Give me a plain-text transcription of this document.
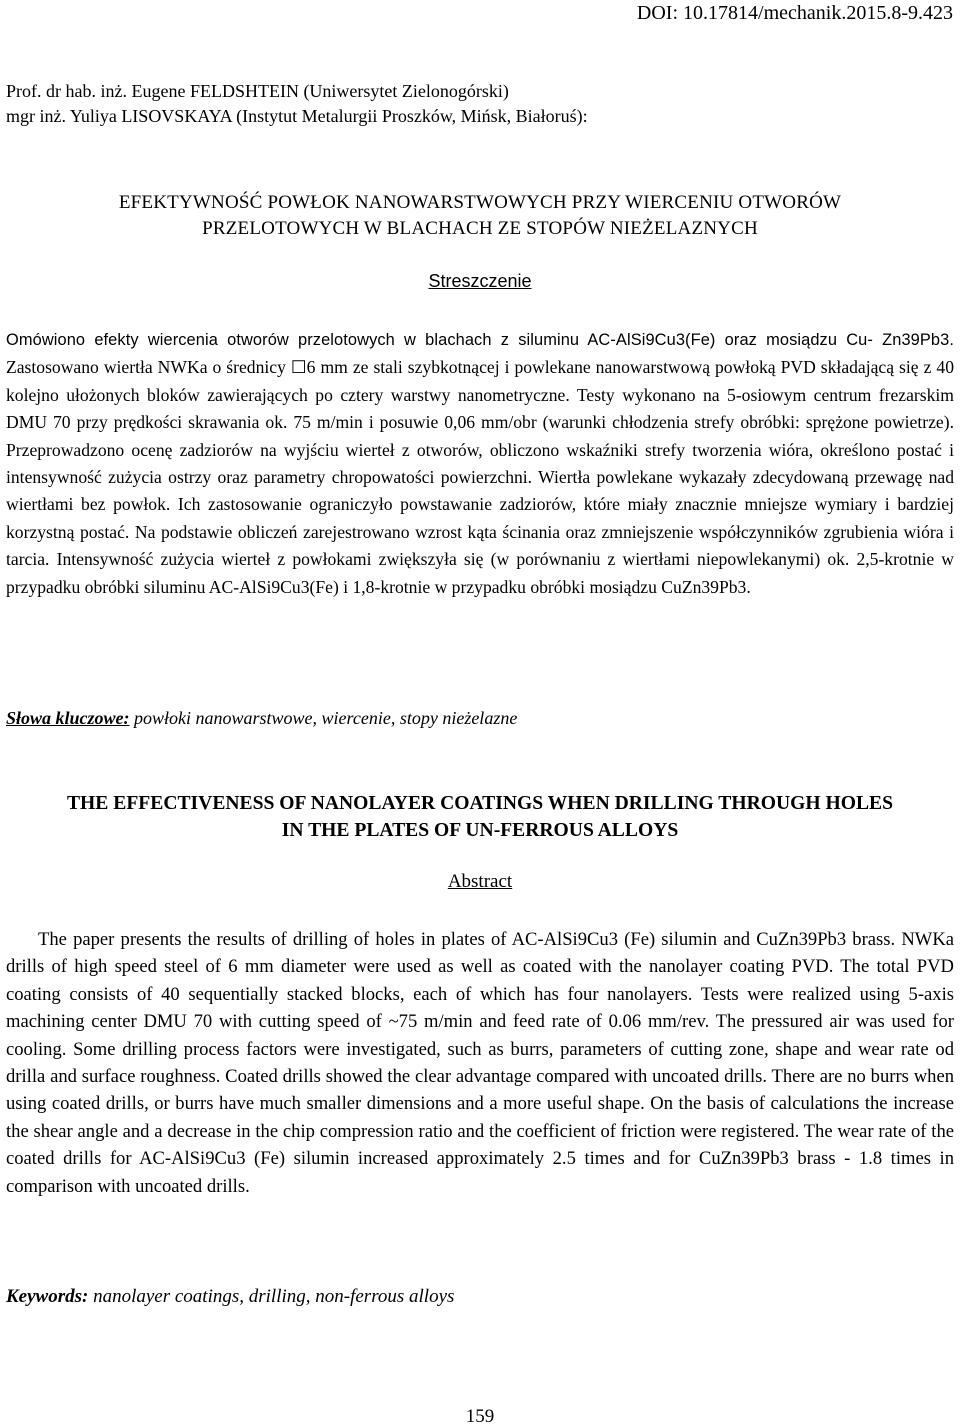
DOI: 10.17814/mechanik.2015.8-9.423
Prof. dr hab. inż. Eugene FELDSHTEIN (Uniwersytet Zielonogórski)
mgr inż. Yuliya LISOVSKAYA (Instytut Metalurgii Proszków, Mińsk, Białoruś):
EFEKTYWNOŚĆ POWŁOK NANOWARSTWOWYCH PRZY WIERCENIU OTWORÓW
PRZELOTOWYCH W BLACHACH ZE STOPÓW NIEŻELAZNYCH
Streszczenie
Omówiono efekty wiercenia otworów przelotowych w blachach z siluminu AC-AlSi9Cu3(Fe) oraz mosiądzu Cu- Zn39Pb3. Zastosowano wiertła NWKa o średnicy ☐​6 mm ze stali szybkotnącej i powlekane nanowarstwową powłoką PVD składającą się z 40 kolejno ułożonych bloków zawierających po cztery warstwy nanometryczne. Testy wykonano na 5-osiowym centrum frezarskim DMU 70 przy prędkości skrawania ok. 75 m/min i posuwie 0,06 mm/obr (warunki chłodzenia strefy obróbki: sprężone powietrze). Przeprowadzono ocenę zadziorów na wyjściu wierteł z otworów, obliczono wskaźniki strefy tworzenia wióra, określono postać i intensywność zużycia ostrzy oraz parametry chropowatości powierzchni. Wiertła powlekane wykazały zdecydowaną przewagę nad wiertłami bez powłok. Ich zastosowanie ograniczyło powstawanie zadziorów, które miały znacznie mniejsze wymiary i bardziej korzystną postać. Na podstawie obliczeń zarejestrowano wzrost kąta ścinania oraz zmniejszenie współczynników zgrubienia wióra i tarcia. Intensywność zużycia wierteł z powłokami zwiększyła się (w porównaniu z wiertłami niepowlekanymi) ok. 2,5-krotnie w przypadku obróbki siluminu AC-AlSi9Cu3(Fe) i 1,8-krotnie w przypadku obróbki mosiądzu CuZn39Pb3.
Słowa kluczowe: powłoki nanowarstwowe, wiercenie, stopy nieżelazne
THE EFFECTIVENESS OF NANOLAYER COATINGS WHEN DRILLING THROUGH HOLES
IN THE PLATES OF UN-FERROUS ALLOYS
Abstract
The paper presents the results of drilling of holes in plates of AC-AlSi9Cu3 (Fe) silumin and CuZn39Pb3 brass. NWKa drills of high speed steel of 6 mm diameter were used as well as coated with the nanolayer coating PVD. The total PVD coating consists of 40 sequentially stacked blocks, each of which has four nanolayers. Tests were realized using 5-axis machining center DMU 70 with cutting speed of ~75 m/min and feed rate of 0.06 mm/rev. The pressured air was used for cooling. Some drilling process factors were investigated, such as burrs, parameters of cutting zone, shape and wear rate od drilla and surface roughness. Coated drills showed the clear advantage compared with uncoated drills. There are no burrs when using coated drills, or burrs have much smaller dimensions and a more useful shape. On the basis of calculations the increase the shear angle and a decrease in the chip compression ratio and the coefficient of friction were registered. The wear rate of the coated drills for AC-AlSi9Cu3 (Fe) silumin increased approximately 2.5 times and for CuZn39Pb3 brass - 1.8 times in comparison with uncoated drills.
Keywords: nanolayer coatings, drilling, non-ferrous alloys
159
